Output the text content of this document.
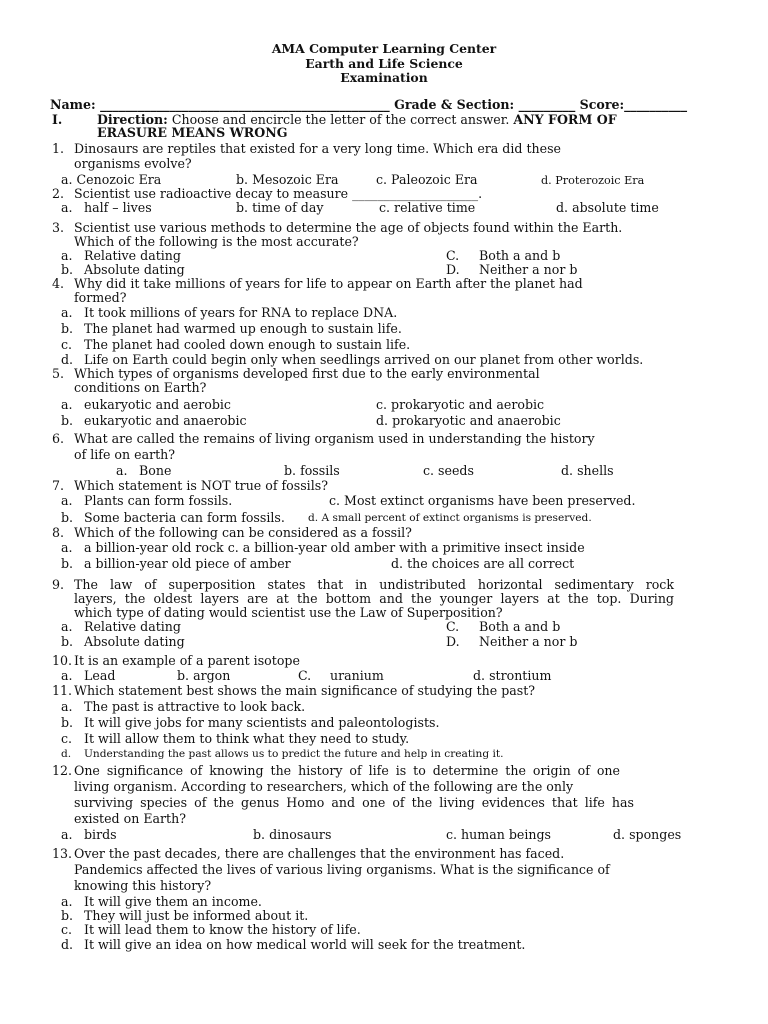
AMA Computer Learning Center
Earth and Life Science
Examination
Name: ______________________________________________ Grade & Section: _________ Score:__________
I.	Direction: Choose and encircle the letter of the correct answer. ANY FORM OF
ERASURE MEANS WRONG
1. Dinosaurs are reptiles that existed for a very long time. Which era did these
organisms evolve?
a. Cenozoic Era	b. Mesozoic Era	c. Paleozoic Era	d. Proterozoic Era
2. Scientist use radioactive decay to measure ____________________.
a. half – lives	b. time of day	c. relative time	d. absolute time
3. Scientist use various methods to determine the age of objects found within the Earth.
Which of the following is the most accurate?
a. Relative dating	C. Both a and b
b. Absolute dating	D. Neither a nor b
4. Why did it take millions of years for life to appear on Earth after the planet had
formed?
a. It took millions of years for RNA to replace DNA.
b. The planet had warmed up enough to sustain life.
c. The planet had cooled down enough to sustain life.
d. Life on Earth could begin only when seedlings arrived on our planet from other worlds.
5. Which types of organisms developed first due to the early environmental
conditions on Earth?
a. eukaryotic and aerobic	c. prokaryotic and aerobic
b. eukaryotic and anaerobic	d. prokaryotic and anaerobic
6. What are called the remains of living organism used in understanding the history
of life on earth?
a. Bone	b. fossils	c. seeds	d. shells
7. Which statement is NOT true of fossils?
a. Plants can form fossils.	c. Most extinct organisms have been preserved.
b. Some bacteria can form fossils. d. A small percent of extinct organisms is preserved.
8. Which of the following can be considered as a fossil?
a. a billion-year old rock c. a billion-year old amber with a primitive insect inside
b. a billion-year old piece of amber	d. the choices are all correct
9. The law of superposition states that in undistributed horizontal sedimentary rock
layers, the oldest layers are at the bottom and the younger layers at the top. During
which type of dating would scientist use the Law of Superposition?
a. Relative dating	C. Both a and b
b. Absolute dating	D. Neither a nor b
10. It is an example of a parent isotope
a. Lead	b. argon	C. uranium	d. strontium
11. Which statement best shows the main significance of studying the past?
a. The past is attractive to look back.
b. It will give jobs for many scientists and paleontologists.
c. It will allow them to think what they need to study.
d. Understanding the past allows us to predict the future and help in creating it.
12. One significance of knowing the history of life is to determine the origin of one
living organism. According to researchers, which of the following are the only
surviving species of the genus Homo and one of the living evidences that life has
existed on Earth?
a. birds	b. dinosaurs	c. human beings	d. sponges
13. Over the past decades, there are challenges that the environment has faced.
Pandemics affected the lives of various living organisms. What is the significance of
knowing this history?
a. It will give them an income.
b. They will just be informed about it.
c. It will lead them to know the history of life.
d. It will give an idea on how medical world will seek for the treatment.
